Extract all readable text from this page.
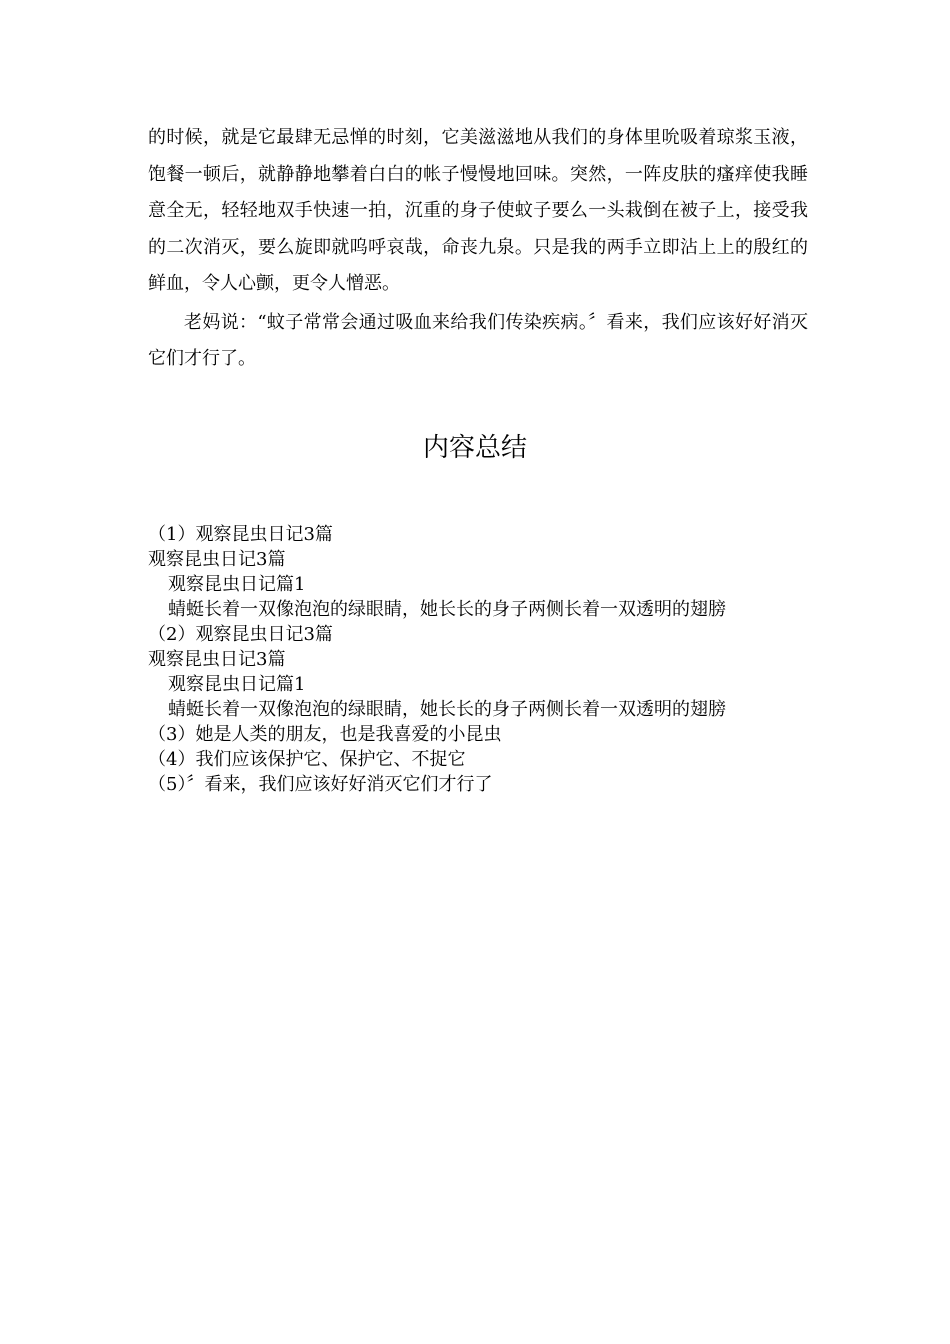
的时候，就是它最肆无忌惮的时刻，它美滋滋地从我们的身体里吮吸着琼浆玉液，饱餐一顿后，就静静地攀着白白的帐子慢慢地回味。突然，一阵皮肤的瘙痒使我睡意全无，轻轻地双手快速一拍，沉重的身子使蚊子要么一头栽倒在被子上，接受我的二次消灭，要么旋即就呜呼哀哉，命丧九泉。只是我的两手立即沾上上的殷红的鲜血，令人心颤，更令人憎恶。

老妈说：“蚊子常常会通过吸血来给我们传染疾病。〞看来，我们应该好好消灭它们才行了。

内容总结
（1）观察昆虫日记3篇
观察昆虫日记3篇
观察昆虫日记篇1
蜻蜓长着一双像泡泡的绿眼睛，她长长的身子两侧长着一双透明的翅膀
（2）观察昆虫日记3篇
观察昆虫日记3篇
观察昆虫日记篇1
蜻蜓长着一双像泡泡的绿眼睛，她长长的身子两侧长着一双透明的翅膀
（3）她是人类的朋友，也是我喜爱的小昆虫
（4）我们应该保护它、保护它、不捉它
（5）〞看来，我们应该好好消灭它们才行了
